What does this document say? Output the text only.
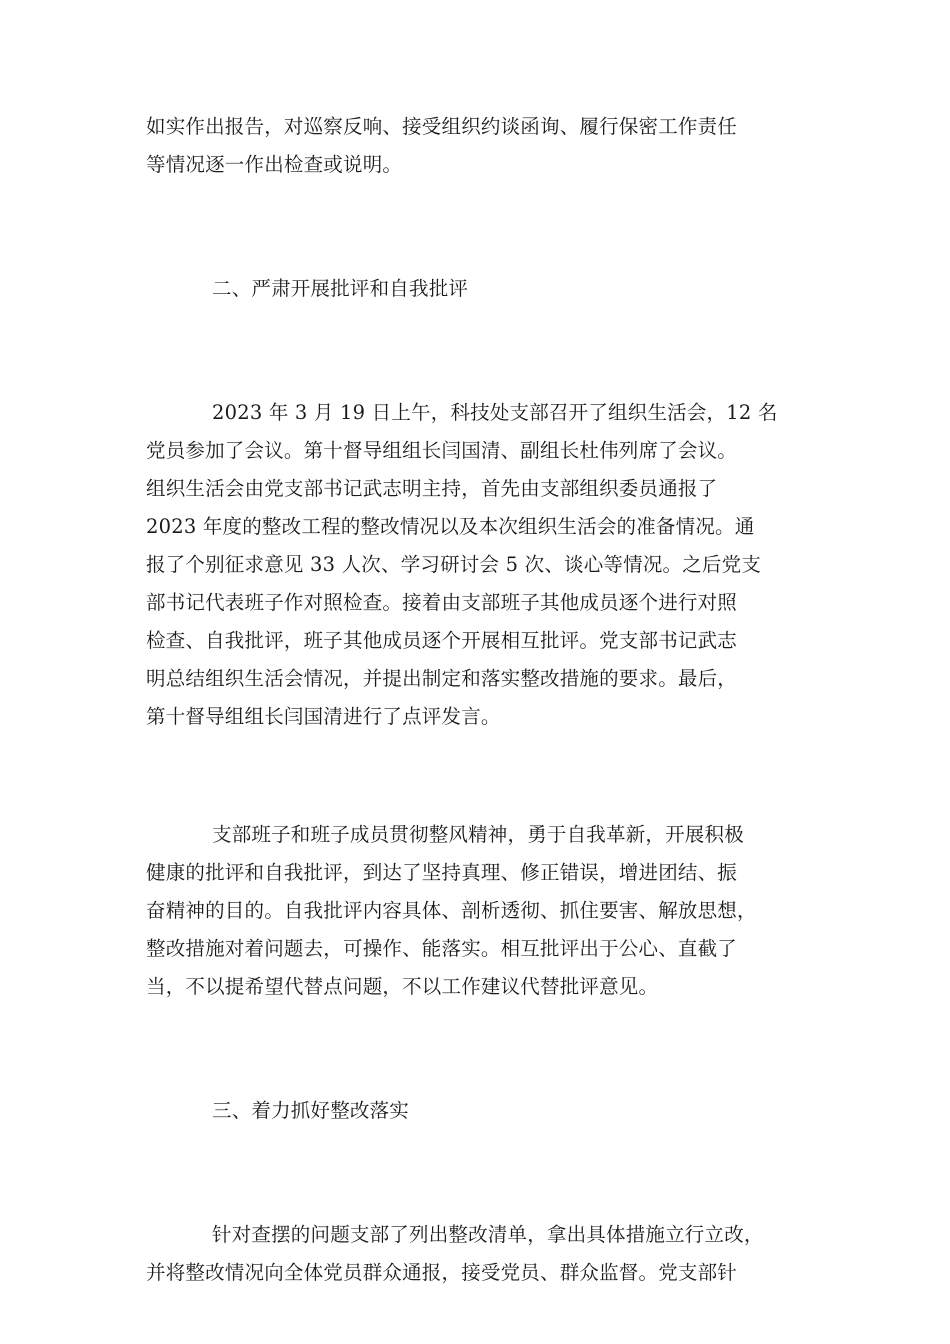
如实作出报告，对巡察反响、接受组织约谈函询、履行保密工作责任
等情况逐一作出检查或说明。
二、严肃开展批评和自我批评
2023 年 3 月 19 日上午，科技处支部召开了组织生活会，12 名
党员参加了会议。第十督导组组长闫国清、副组长杜伟列席了会议。
组织生活会由党支部书记武志明主持，首先由支部组织委员通报了
2023 年度的整改工程的整改情况以及本次组织生活会的准备情况。通
报了个别征求意见 33 人次、学习研讨会 5 次、谈心等情况。之后党支
部书记代表班子作对照检查。接着由支部班子其他成员逐个进行对照
检查、自我批评，班子其他成员逐个开展相互批评。党支部书记武志
明总结组织生活会情况，并提出制定和落实整改措施的要求。最后，
第十督导组组长闫国清进行了点评发言。
支部班子和班子成员贯彻整风精神，勇于自我革新，开展积极
健康的批评和自我批评，到达了坚持真理、修正错误，增进团结、振
奋精神的目的。自我批评内容具体、剖析透彻、抓住要害、解放思想，
整改措施对着问题去，可操作、能落实。相互批评出于公心、直截了
当，不以提希望代替点问题，不以工作建议代替批评意见。
三、着力抓好整改落实
针对查摆的问题支部了列出整改清单，拿出具体措施立行立改，
并将整改情况向全体党员群众通报，接受党员、群众监督。党支部针
